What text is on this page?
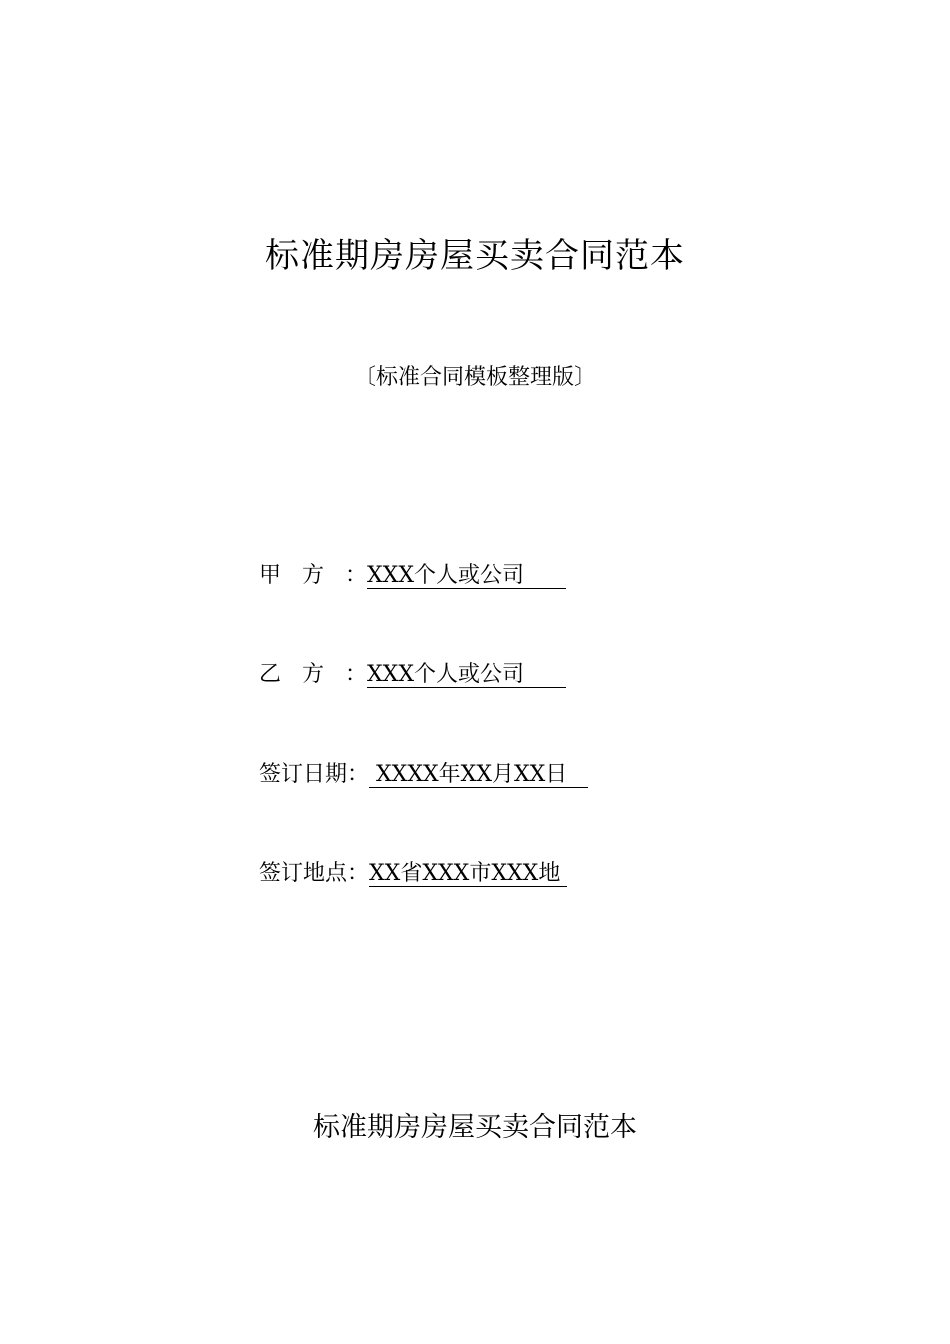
标准期房房屋买卖合同范本
〔标准合同模板整理版〕
甲方：XXX个人或公司
乙方：XXX个人或公司
签订日期： XXXX年XX月XX日
签订地点：XX省XXX市XXX地
标准期房房屋买卖合同范本
